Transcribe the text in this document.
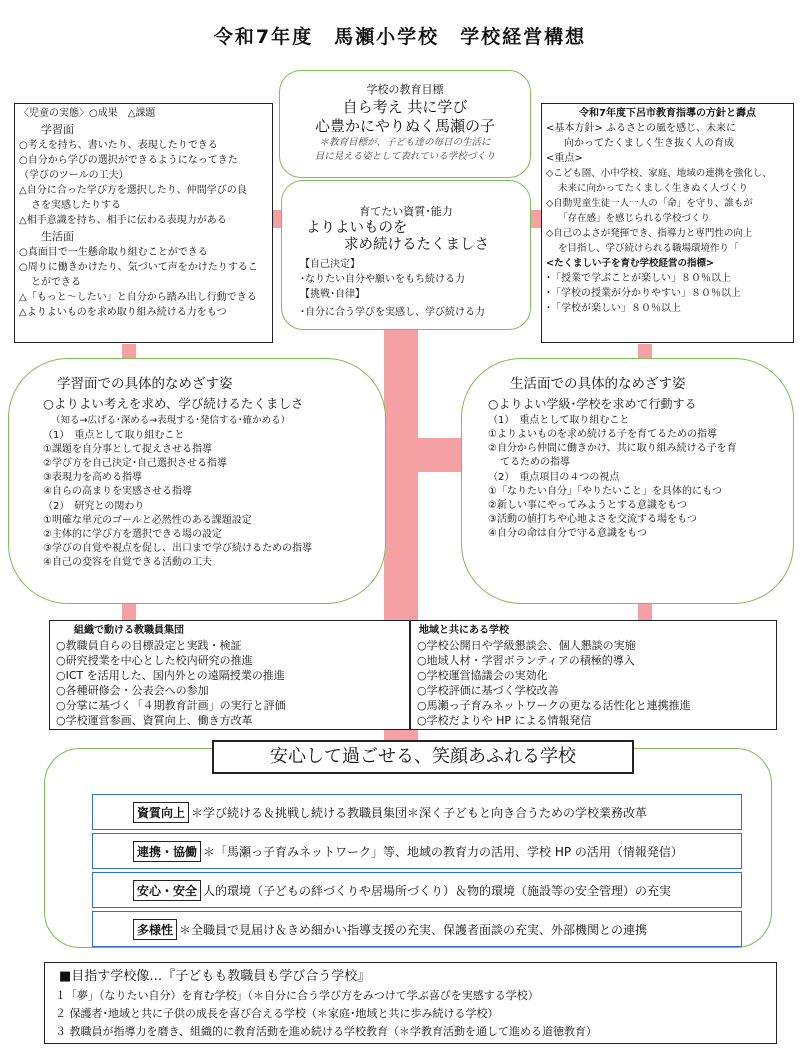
令和7年度　馬瀬小学校　学校経営構想
学校の教育目標
自ら考え 共に学び
心豊かにやりぬく馬瀬の子
＊教育目標が、子ども達の毎日の生活に
目に見える姿として表れている学校づくり
育てたい資質･能力
よりよいものを
求め続けるたくましさ
【自己決定】
･なりたい自分や願いをもち続ける力
【挑戦･自律】
･自分に合う学びを実感し、学び続ける力
〈児童の実態〉○成果　△課題
学習面
○考えを持ち、書いたり、表現したりできる
○自分から学びの選択ができるようになってきた
（学びのツールの工夫）
△自分に合った学び方を選択したり、仲間学びの良
さを実感したりする
△相手意識を持ち、相手に伝わる表現力がある
生活面
○真面目で一生懸命取り組むことができる
○周りに働きかけたり、気づいて声をかけたりするこ
とができる
△「もっと〜したい」と自分から踏み出し行動できる
△よりよいものを求め取り組み続ける力をもつ
令和7年度下呂市教育指導の方針と壽点
<基本方針> ふるさとの風を感じ、未来に
向かってたくましく生き抜く人の育成
<重点>
◇こども園、小中学校、家庭、地域の連携を強化し、
未来に向かってたくましく生きぬく人づくり
◇自動児童生徒一人一人の「命」を守り、誰もが
「存在感」を感じられる学校づくり
◇自己のよさが発揮でき、指導力と専門性の向上
を目指し、学び続けられる職場環境作り「
<たくましい子を育む学校経営の指標>
･「授業で学ぶことが楽しい」８０％以上
･「学校の授業が分かりやすい」８０％以上
･「学校が楽しい」８０％以上
学習面での具体的なめざす姿
○よりよい考えを求め、学び続けるたくましさ
（知る→広げる･深める→表現する･発信する･確かめる）
（1）　重点として取り組むこと
①課題を自分事として捉えさせる指導
②学び方を自己決定･自己選択させる指導
③表現力を高める指導
④自らの高まりを実感させる指導
（2）　研究との関わり
①明確な単元のゴールと必然性のある課題設定
②主体的に学び方を選択できる場の設定
③学びの自覚や視点を促し、出口まで学び続けるための指導
④自己の変容を自覚できる活動の工夫
生活面での具体的なめざす姿
○よりよい学級･学校を求めて行動する
（1）　重点として取り組むこと
①よりよいものを求め続ける子を育てるための指導
②自分から仲間に働きかけ、共に取り組み続ける子を育
てるための指導
（2）　重点項目の４つの視点
①「なりたい自分」「やりたいこと」を具体的にもつ
②新しい事にやってみようとする意識をもつ
③活動の値打ちや心地よさを交流する場をもつ
④自分の命は自分で守る意識をもつ
組織で動ける教職員集団
○教職員自らの目標設定と実践・検証
○研究授業を中心とした校内研究の推進
○ICT を活用した、国内外との遠隔授業の推進
○各種研修会・公表会への参加
○分掌に基づく「４期教育計画」の実行と評価
○学校運営参画、資質向上、働き方改革
地域と共にある学校
○学校公開日や学級懇談会、個人懇談の実施
○地域人材・学習ボランティアの積極的導入
○学校運営協議会の実効化
○学校評価に基づく学校改善
○馬瀬っ子育みネットワークの更なる活性化と連携推進
○学校だよりや HP による情報発信
安心して過ごせる、笑顔あふれる学校
資質向上 ＊学び続ける＆挑戦し続ける教職員集団＊深く子どもと向き合うための学校業務改革
連携・協働 ＊「馬瀬っ子育みネットワーク」等、地域の教育力の活用、学校 HP の活用（情報発信）
安心・安全 人的環境（子どもの絆づくりや居場所づくり）＆物的環境（施設等の安全管理）の充実
多様性 ＊全職員で見届け＆きめ細かい指導支援の充実、保護者面談の充実、外部機関との連携
■目指す学校像…『子どもも教職員も学び合う学校』
１「夢」（なりたい自分）を育む学校」（＊自分に合う学び方をみつけて学ぶ喜びを実感する学校）
２ 保護者･地域と共に子供の成長を喜び合える学校（＊家庭･地域と共に歩み続ける学校）
３ 教職員が指導力を磨き、組織的に教育活動を進め続ける学校教育（＊学教育活動を通して進める道徳教育）
